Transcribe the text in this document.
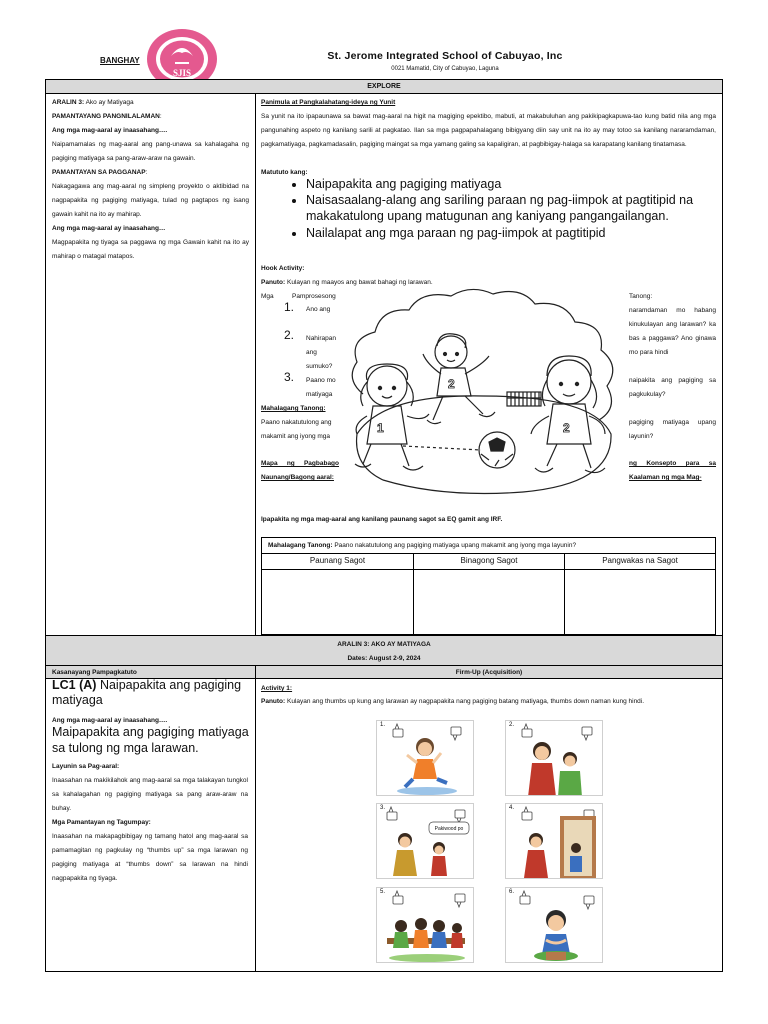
BANGHAY
SJIS
St. Jerome Integrated School of Cabuyao, Inc
0021 Mamatid, City of Cabuyao, Laguna
EXPLORE
ARALIN 3: Ako ay Matiyaga
PAMANTAYANG PANGNILALAMAN:
Ang mga mag-aaral ay inaasahang….
Naipamamalas ng mag-aaral ang pang-unawa sa kahalagaha ng pagiging matiyaga sa pang-araw-araw na gawain.
PAMANTAYAN SA PAGGANAP:
Nakagagawa ang mag-aaral ng simpleng proyekto o aktibidad na nagpapakita ng pagiging matiyaga, tulad ng pagtapos ng isang gawain kahit na ito ay mahirap.
Ang mga mag-aaral ay inaasahang…
Magpapakita ng tiyaga sa paggawa ng mga Gawain kahit na ito ay mahirap o matagal matapos.
Panimula at Pangkalahatang-ideya ng Yunit
Sa yunit na ito ipapaunawa sa bawat mag-aaral na higit na magiging epektibo, mabuti, at makabuluhan ang pakikipagkapuwa-tao kung batid nila ang mga pangunahing aspeto ng kanilang sarili at pagkatao. Ilan sa mga pagpapahalagang bibigyang diin say unit na ito ay may totoo sa kanilang nararamdaman, pagkamatiyaga, pagkamadasalin, pagiging maingat sa mga yamang galing sa kapaligiran, at pagbibigay-halaga sa karapatang kanilang tinatamasa.
Matututo kang:
• Naipapakita ang pagiging matiyaga
• Naisasaalang-alang ang sariling paraan ng pag-iimpok at pagtitipid na makakatulong upang matugunan ang kaniyang pangangailangan.
• Nailalapat ang mga paraan ng pag-iimpok at pagtitipid
Hook Activity:
Panuto: Kulayan ng maayos ang bawat bahagi ng larawan.
Mga	Pamprosesong
1. Ano ang
2. Nahirapan
ang
sumuko?
3. Paano mo
matiyaga
Mahalagang Tanong:
Paano nakatutulong ang
makamit ang iyong mga
Mapa ng Pagbabago Naunang/Bagong aaral:
1
2
2
Tanong:
naramdaman mo habang kinukulayan ang larawan? ka bas a paggawa? Ano ginawa mo para hindi
naipakita ang pagiging sa pagkukulay?
pagiging matiyaga upang layunin?
ng Konsepto para sa Kaalaman ng mga Mag-
Ipapakita ng mga mag-aaral ang kanilang paunang sagot sa EQ gamit ang IRF.
Mahalagang Tanong: Paano nakatutulong ang pagiging matiyaga upang makamit ang iyong mga layunin?
Paunang Sagot	Binagong Sagot	Pangwakas na Sagot
ARALIN 3: AKO AY MATIYAGA
Dates: August 2-9, 2024
Kasanayang Pampagkatuto	Firm-Up (Acquisition)
LC1 (A) Naipapakita ang pagiging matiyaga
Ang mga mag-aaral ay inaasahang….
Maipapakita ang pagiging matiyaga sa tulong ng mga larawan.
Layunin sa Pag-aaral:
Inaasahan na makikilahok ang mag-aaral sa mga talakayan tungkol sa kahalagahan ng pagiging matiyaga sa pang araw-araw na buhay.
Mga Pamantayan ng Tagumpay:
Inaasahan na makapagbibigay ng tamang hatol ang mag-aaral sa pamamagitan ng pagkulay ng “thumbs up” sa mga larawan ng pagiging matiyaga at “thumbs down” sa larawan na hindi nagpapakita ng tiyaga.
Activity 1:
Panuto: Kulayan ang thumbs up kung ang larawan ay nagpapakita nang pagiging batang matiyaga, thumbs down naman kung hindi.
1.	2.
3.
Pakiwood po
4.
5.	6.
